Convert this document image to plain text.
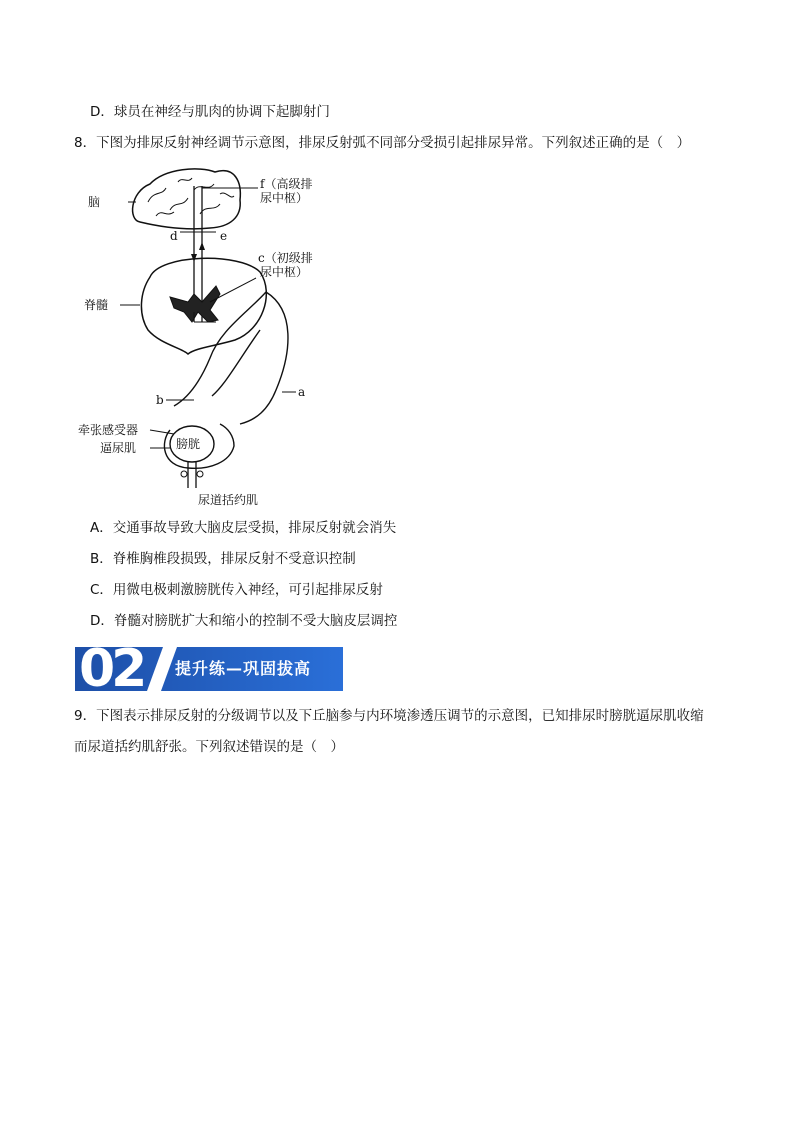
D．球员在神经与肌肉的协调下起脚射门
8．下图为排尿反射神经调节示意图，排尿反射弧不同部分受损引起排尿异常。下列叙述正确的是（　）
脑
f（高级排
尿中枢）
d	e
c（初级排
尿中枢）
脊髓
a
b
膀胱
牵张感受器
逼尿肌
尿道括约肌
A．交通事故导致大脑皮层受损，排尿反射就会消失
B．脊椎胸椎段损毁，排尿反射不受意识控制
C．用微电极刺激膀胱传入神经，可引起排尿反射
D．脊髓对膀胱扩大和缩小的控制不受大脑皮层调控
02 提升练—巩固拔高
9．下图表示排尿反射的分级调节以及下丘脑参与内环境渗透压调节的示意图，已知排尿时膀胱逼尿肌收缩
而尿道括约肌舒张。下列叙述错误的是（　）
